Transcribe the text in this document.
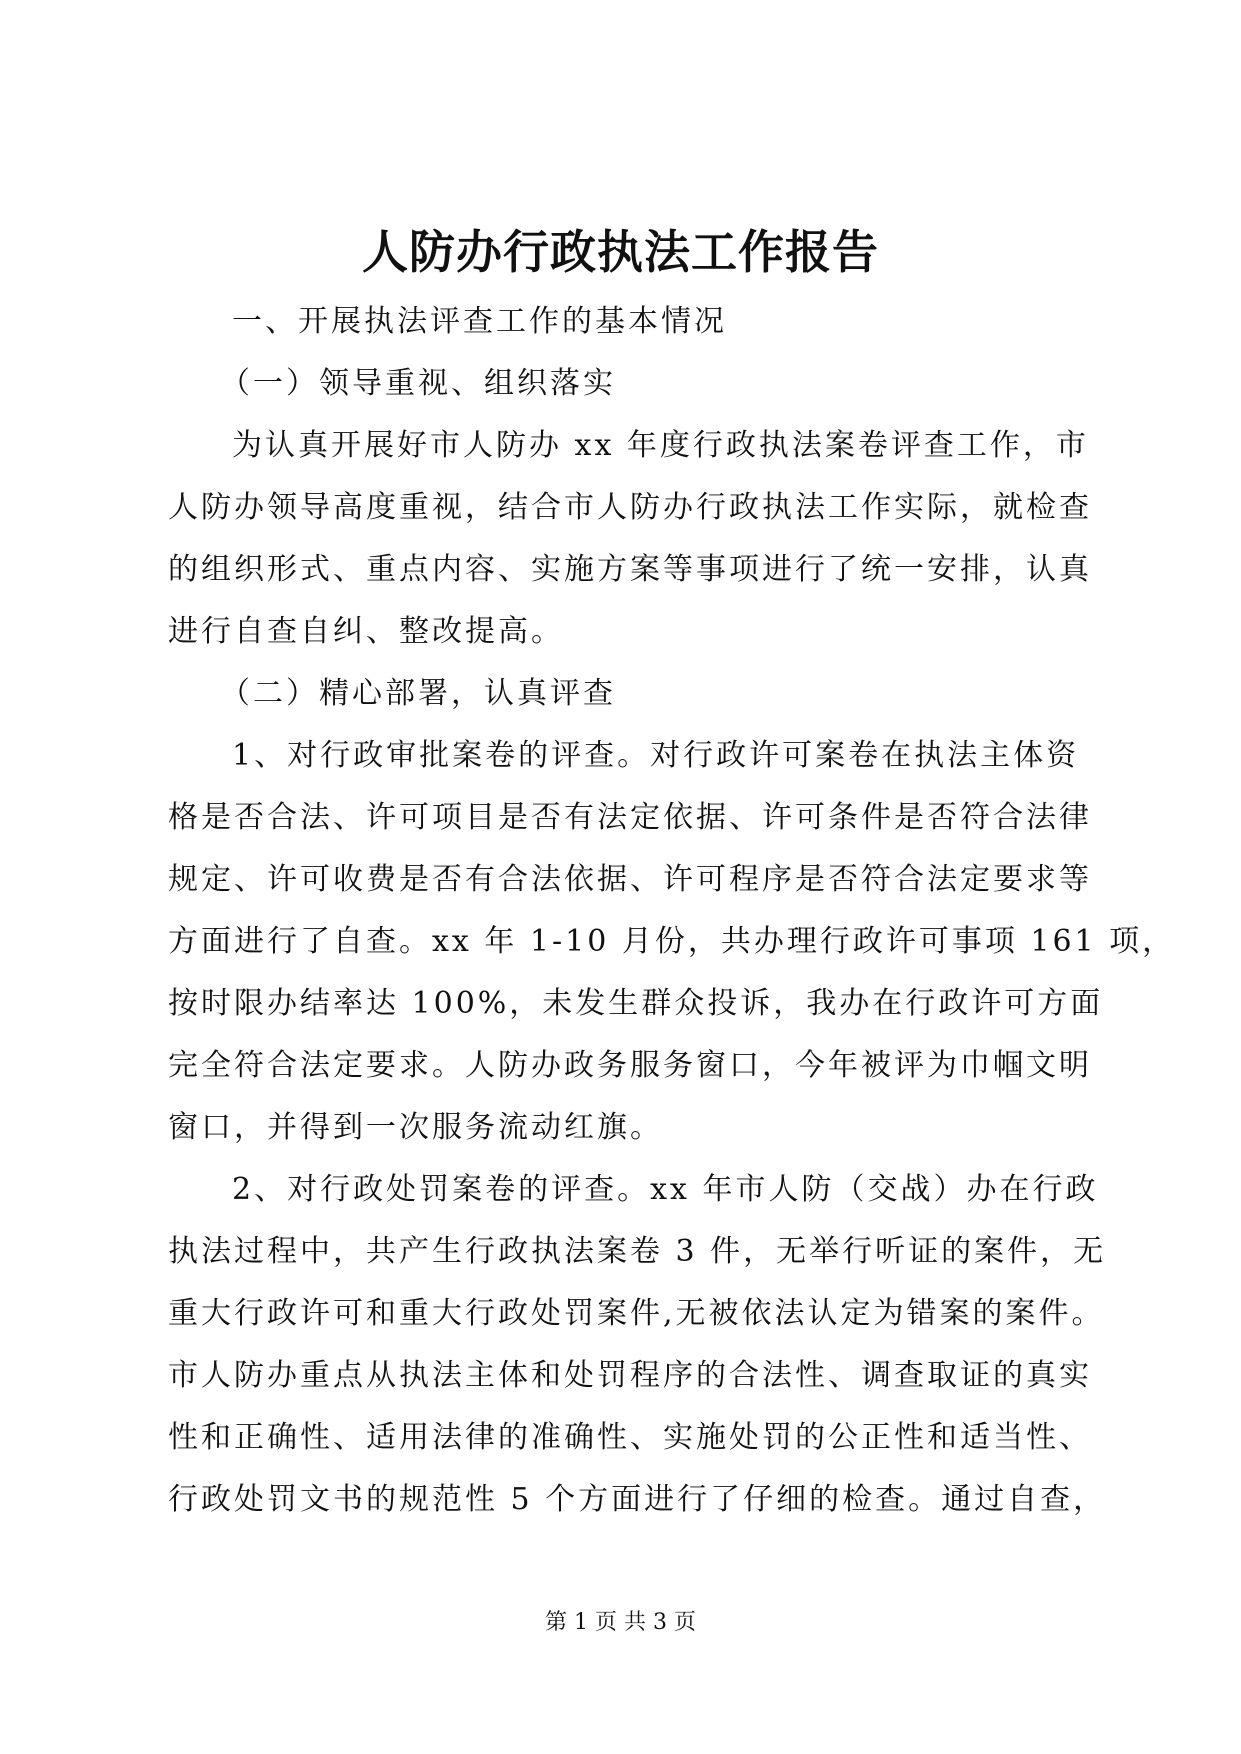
人防办行政执法工作报告
一、开展执法评查工作的基本情况
（一）领导重视、组织落实
为认真开展好市人防办 xx 年度行政执法案卷评查工作，市
人防办领导高度重视，结合市人防办行政执法工作实际，就检查
的组织形式、重点内容、实施方案等事项进行了统一安排，认真
进行自查自纠、整改提高。
（二）精心部署，认真评查
1、对行政审批案卷的评查。对行政许可案卷在执法主体资
格是否合法、许可项目是否有法定依据、许可条件是否符合法律
规定、许可收费是否有合法依据、许可程序是否符合法定要求等
方面进行了自查。xx 年 1-10 月份，共办理行政许可事项 161 项，
按时限办结率达 100%，未发生群众投诉，我办在行政许可方面
完全符合法定要求。人防办政务服务窗口，今年被评为巾帼文明
窗口，并得到一次服务流动红旗。
2、对行政处罚案卷的评查。xx 年市人防（交战）办在行政
执法过程中，共产生行政执法案卷 3 件，无举行听证的案件，无
重大行政许可和重大行政处罚案件,无被依法认定为错案的案件。
市人防办重点从执法主体和处罚程序的合法性、调查取证的真实
性和正确性、适用法律的准确性、实施处罚的公正性和适当性、
行政处罚文书的规范性 5 个方面进行了仔细的检查。通过自查，
第 1 页 共 3 页
